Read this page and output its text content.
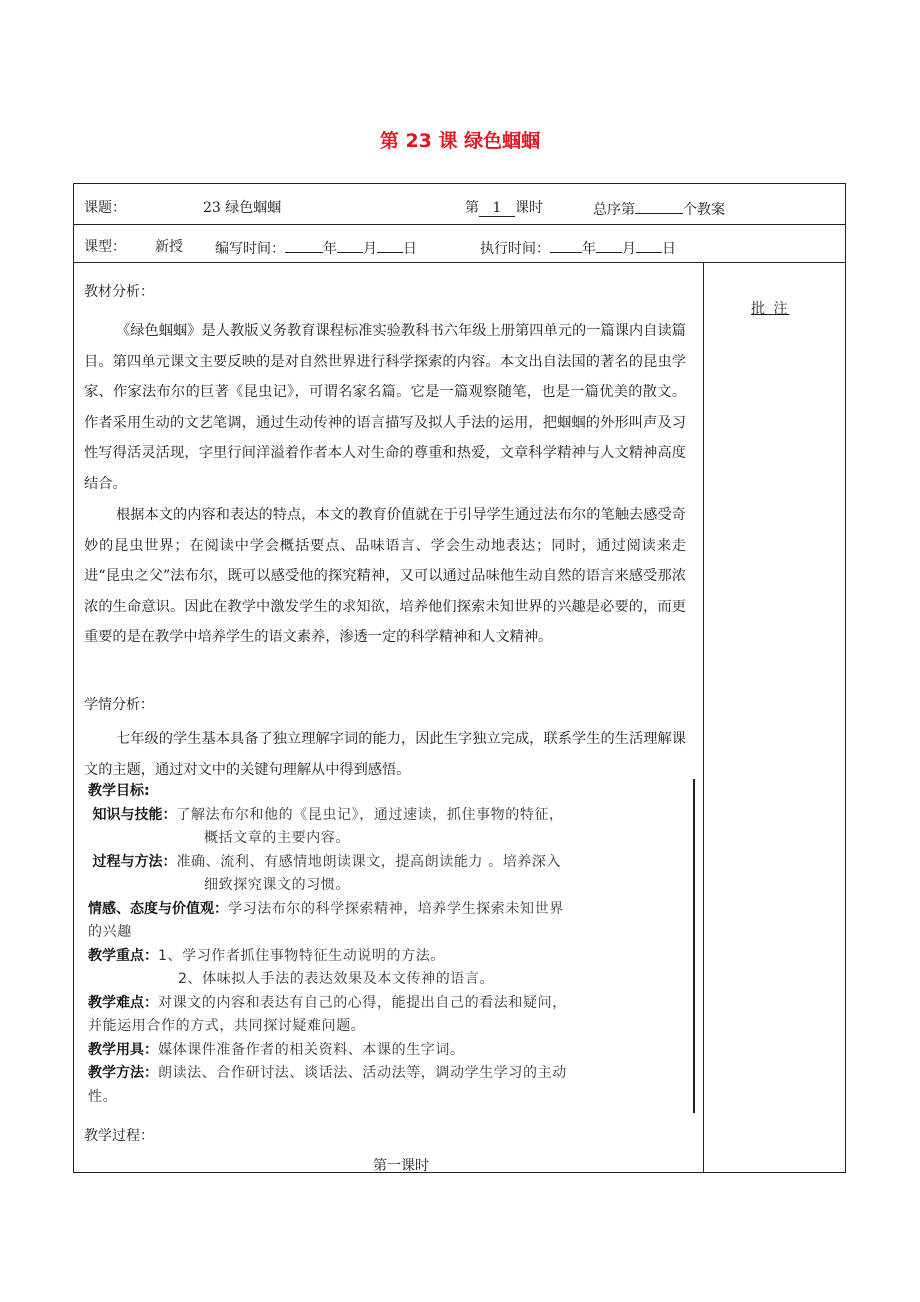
第 23 课 绿色蝈蝈
课题：	23 绿色蝈蝈	第 1 课时	总序第	个教案
课型： 新授 编写时间：	年 月 日	执行时间： 年 月 日
教材分析：
《绿色蝈蝈》是人教版义务教育课程标准实验教科书六年级上册第四单元的一篇课内自读篇目。第四单元课文主要反映的是对自然世界进行科学探索的内容。本文出自法国的著名的昆虫学家、作家法布尔的巨著《昆虫记》，可谓名家名篇。它是一篇观察随笔，也是一篇优美的散文。作者采用生动的文艺笔调，通过生动传神的语言描写及拟人手法的运用，把蝈蝈的外形叫声及习性写得活灵活现，字里行间洋溢着作者本人对生命的尊重和热爱，文章科学精神与人文精神高度结合。
根据本文的内容和表达的特点，本文的教育价值就在于引导学生通过法布尔的笔触去感受奇妙的昆虫世界；在阅读中学会概括要点、品味语言、学会生动地表达；同时，通过阅读来走进“昆虫之父”法布尔，既可以感受他的探究精神，又可以通过品味他生动自然的语言来感受那浓浓的生命意识。因此在教学中激发学生的求知欲，培养他们探索未知世界的兴趣是必要的，而更重要的是在教学中培养学生的语文素养，渗透一定的科学精神和人文精神。
学情分析：
七年级的学生基本具备了独立理解字词的能力，因此生字独立完成，联系学生的生活理解课文的主题，通过对文中的关键句理解从中得到感悟。
批 注
教学目标:
知识与技能：了解法布尔和他的《昆虫记》，通过速读，抓住事物的特征，
概括文章的主要内容。
过程与方法：准确、流利、有感情地朗读课文，提高朗读能力 。培养深入
细致探究课文的习惯。
情感、态度与价值观：学习法布尔的科学探索精神，培养学生探索未知世界
的兴趣
教学重点：1、学习作者抓住事物特征生动说明的方法。
2、体味拟人手法的表达效果及本文传神的语言。
教学难点：对课文的内容和表达有自己的心得，能提出自己的看法和疑问，
并能运用合作的方式，共同探讨疑难问题。
教学用具：媒体课件准备作者的相关资料、本课的生字词。
教学方法：朗读法、合作研讨法、谈话法、活动法等，调动学生学习的主动
性。
教学过程：
第一课时
